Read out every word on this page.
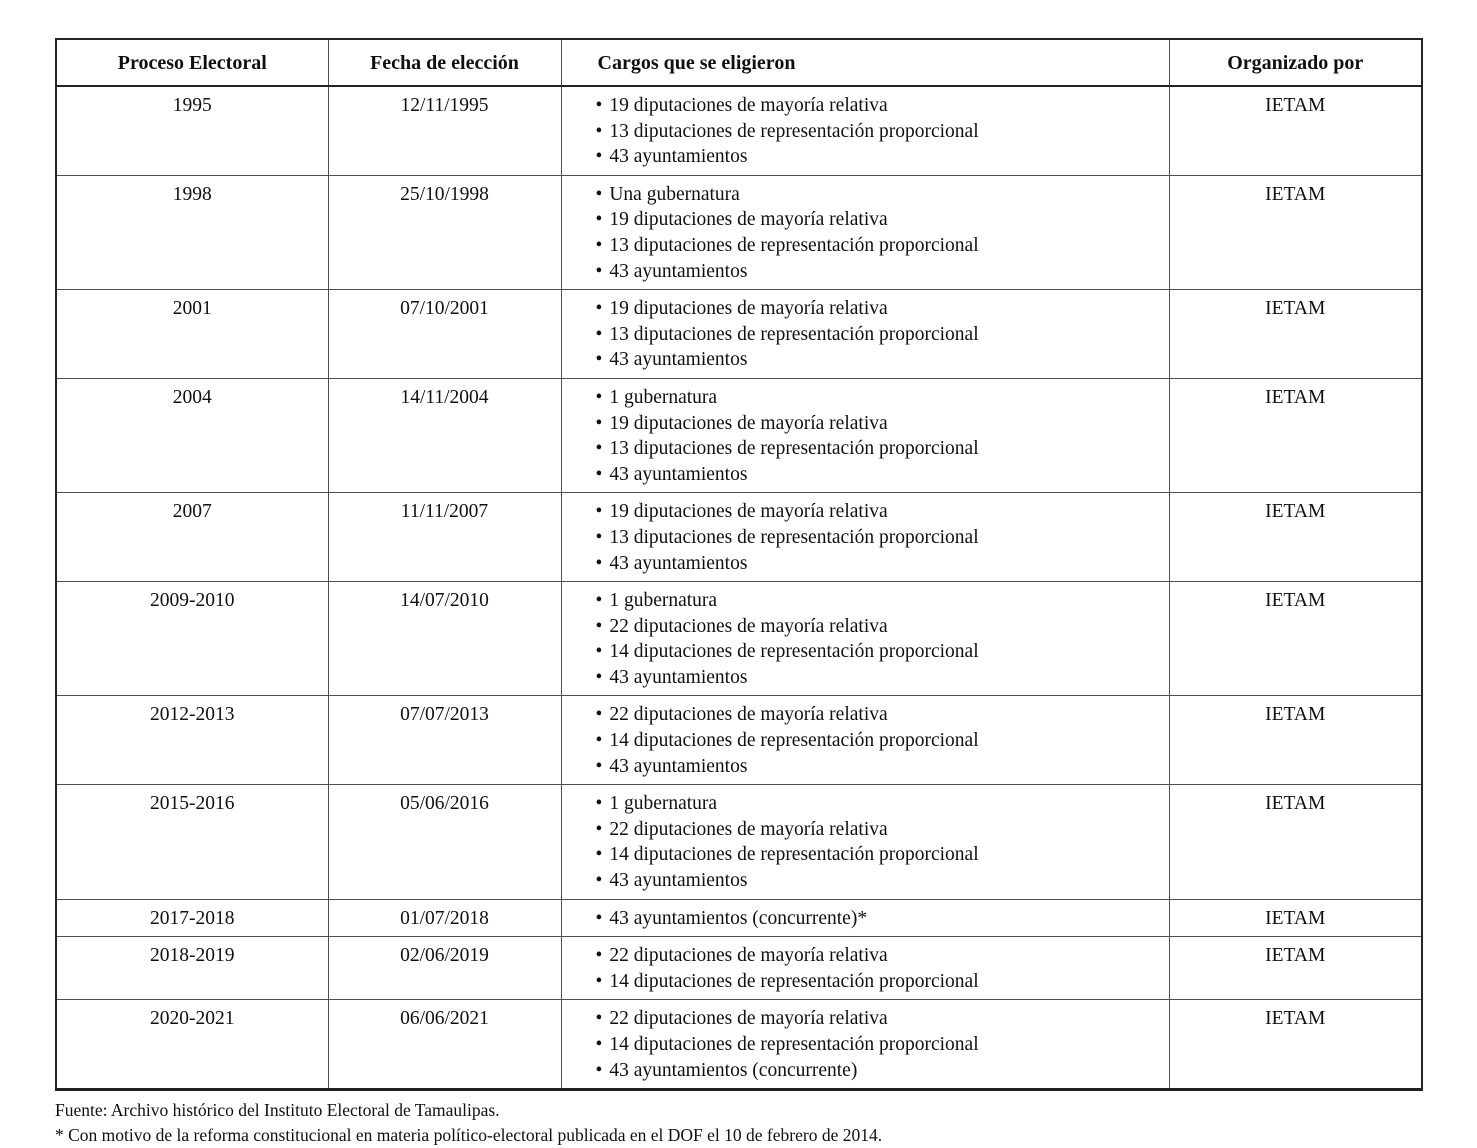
Proceso Electoral	Fecha de elección	Cargos que se eligieron	Organizado por
1995	12/11/1995	• 19 diputaciones de mayoría relativa
• 13 diputaciones de representación proporcional
• 43 ayuntamientos
	IETAM
1998	25/10/1998	• Una gubernatura
• 19 diputaciones de mayoría relativa
• 13 diputaciones de representación proporcional
• 43 ayuntamientos
	IETAM
2001	07/10/2001	• 19 diputaciones de mayoría relativa
• 13 diputaciones de representación proporcional
• 43 ayuntamientos
	IETAM
2004	14/11/2004	• 1 gubernatura
• 19 diputaciones de mayoría relativa
• 13 diputaciones de representación proporcional
• 43 ayuntamientos
	IETAM
2007	11/11/2007	• 19 diputaciones de mayoría relativa
• 13 diputaciones de representación proporcional
• 43 ayuntamientos
	IETAM
2009-2010	14/07/2010	• 1 gubernatura
• 22 diputaciones de mayoría relativa
• 14 diputaciones de representación proporcional
• 43 ayuntamientos
	IETAM
2012-2013	07/07/2013	• 22 diputaciones de mayoría relativa
• 14 diputaciones de representación proporcional
• 43 ayuntamientos
	IETAM
2015-2016	05/06/2016	• 1 gubernatura
• 22 diputaciones de mayoría relativa
• 14 diputaciones de representación proporcional
• 43 ayuntamientos
	IETAM
2017-2018	01/07/2018	• 43 ayuntamientos (concurrente)*	IETAM
2018-2019	02/06/2019	• 22 diputaciones de mayoría relativa
• 14 diputaciones de representación proporcional
	IETAM
2020-2021	06/06/2021	• 22 diputaciones de mayoría relativa
• 14 diputaciones de representación proporcional
• 43 ayuntamientos (concurrente)
	IETAM
Fuente: Archivo histórico del Instituto Electoral de Tamaulipas.
* Con motivo de la reforma constitucional en materia político-electoral publicada en el DOF el 10 de febrero de 2014.
